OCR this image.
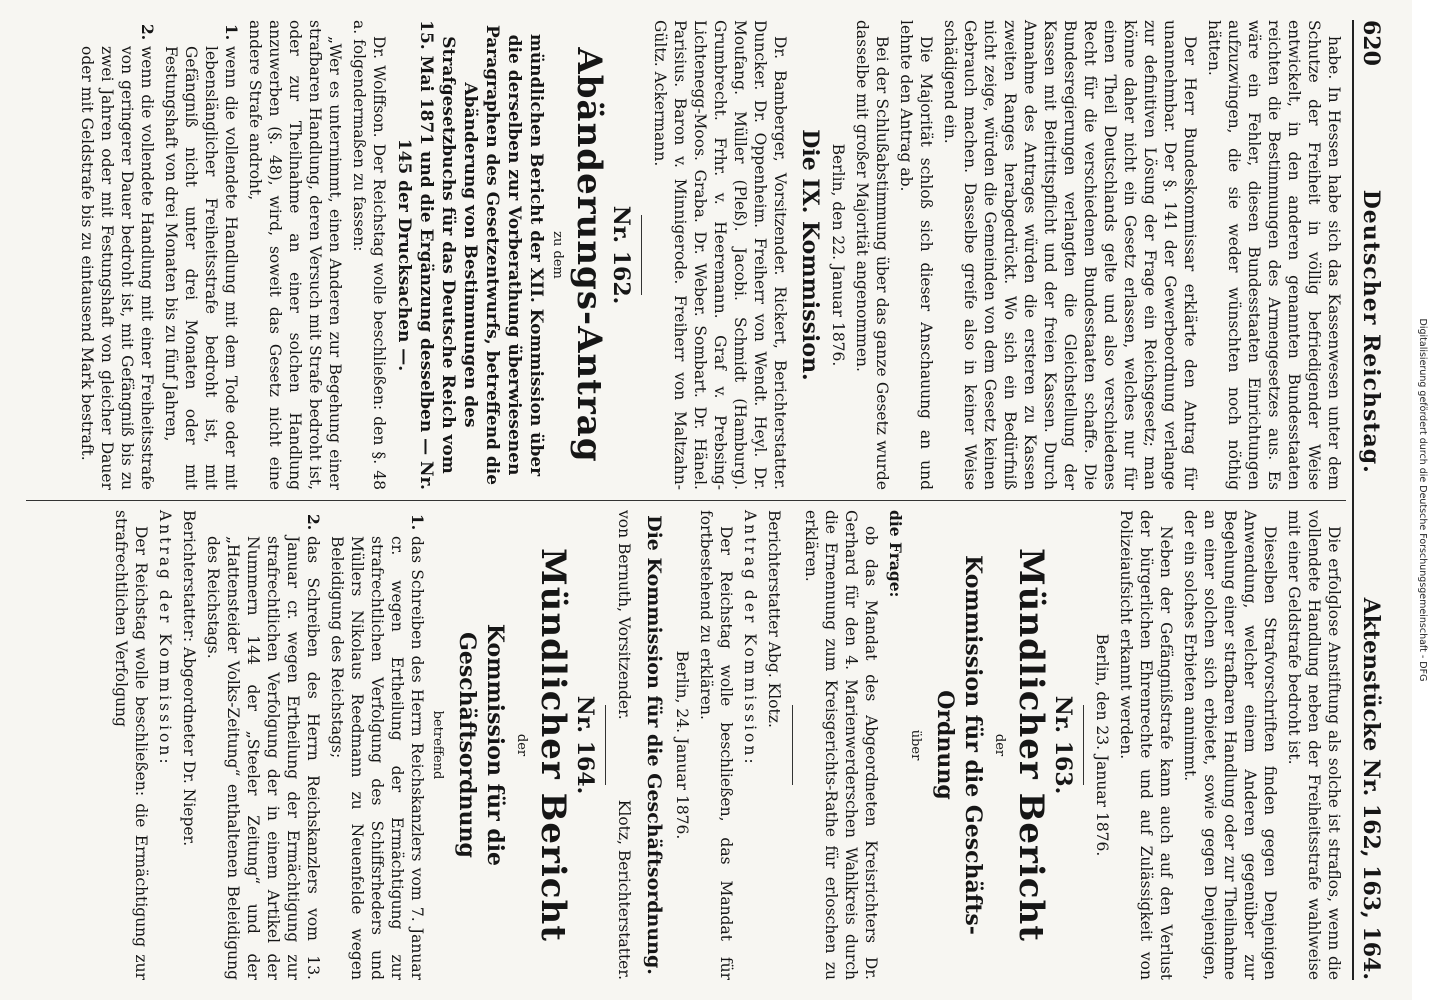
620
Deutscher Reichstag.
Aktenstücke Nr. 162, 163, 164.

habe. In Hessen habe sich das Kassenwesen unter dem Schutze der Freiheit in völlig befriedigender Weise entwickelt, in den anderen genannten Bundesstaaten reichten die Bestimmungen des Armengesetzes aus. Es wäre ein Fehler, diesen Bundesstaaten Einrichtungen aufzuzwingen, die sie weder wünschten noch nöthig hätten.

Der Herr Bundeskommissar erklärte den Antrag für unannehmbar. Der §. 141 der Gewerbeordnung verlange zur definitiven Lösung der Frage ein Reichsgesetz; man könne daher nicht ein Gesetz erlassen, welches nur für einen Theil Deutschlands gelte und also verschiedenes Recht für die verschiedenen Bundesstaaten schaffe. Die Bundesregierungen verlangten die Gleichstellung der Kassen mit Beitrittspflicht und der freien Kassen. Durch Annahme des Antrages würden die ersteren zu Kassen zweiten Ranges herabgedrückt. Wo sich ein Bedürfniß nicht zeige, würden die Gemeinden von dem Gesetz keinen Gebrauch machen. Dasselbe greife also in keiner Weise schädigend ein.

Die Majorität schloß sich dieser Anschauung an und lehnte den Antrag ab.

Bei der Schlußabstimmung über das ganze Gesetz wurde dasselbe mit großer Majorität angenommen.

Berlin, den 22. Januar 1876.

Die IX. Kommission.

Dr. Bamberger, Vorsitzender. Rickert, Berichterstatter. Duncker. Dr. Oppenheim. Freiherr von Wendt. Heyl. Dr. Moufang. Müller (Pleß). Jacobi. Schmidt (Hamburg). Grumbrecht. Frhr. v. Heeremann. Graf v. Prebsing-Lichtenegg-Moos. Graba. Dr. Weber. Sombart. Dr. Hänel. Parisius. Baron v. Minnigerode. Freiherr von Maltzahn-Gültz. Ackermann.

Nr. 162.

Abänderungs-Antrag

zu dem

mündlichen Bericht der XII. Kommission über die derselben zur Vorberathung überwiesenen Paragraphen des Gesetzentwurfs, betreffend die Abänderung von Bestimmungen des Strafgesetzbuchs für das Deutsche Reich vom 15. Mai 1871 und die Ergänzung desselben — Nr. 145 der Drucksachen —.

Dr. Wolffson. Der Reichstag wolle beschließen: den §. 48 a. folgendermaßen zu fassen:

„Wer es unternimmt, einen Anderen zur Begehung einer strafbaren Handlung, deren Versuch mit Strafe bedroht ist, oder zur Theilnahme an einer solchen Handlung anzuwerben (§. 48), wird, soweit das Gesetz nicht eine andere Strafe androht,

1.
wenn die vollendete Handlung mit dem Tode oder mit lebenslänglicher Freiheitsstrafe bedroht ist, mit Gefängniß nicht unter drei Monaten oder mit Festungshaft von drei Monaten bis zu fünf Jahren,

2.
wenn die vollendete Handlung mit einer Freiheitsstrafe von geringerer Dauer bedroht ist, mit Gefängniß bis zu zwei Jahren oder mit Festungshaft von gleicher Dauer oder mit Geldstrafe bis zu eintausend Mark bestraft.

Die erfolglose Anstiftung als solche ist straflos, wenn die vollendete Handlung neben der Freiheitsstrafe wahlweise mit einer Geldstrafe bedroht ist.

Dieselben Strafvorschriften finden gegen Denjenigen Anwendung, welcher einem Anderen gegenüber zur Begehung einer strafbaren Handlung oder zur Theilnahme an einer solchen sich erbietet, sowie gegen Denjenigen, der ein solches Erbieten annimmt.

Neben der Gefängnißstrafe kann auch auf den Verlust der bürgerlichen Ehrenrechte und auf Zulässigkeit von Polizeiaufsicht erkannt werden.

Berlin, den 23. Januar 1876.

Nr. 163.

Mündlicher Bericht

der

Kommission für die Geschäfts-Ordnung

über

die Frage:

ob das Mandat des Abgeordneten Kreisrichters Dr. Gerhard für den 4. Marienwerderschen Wahlkreis durch die Ernennung zum Kreisgerichts-Rathe für erloschen zu erklären.

Berichterstatter Abg. Klotz.

Antrag der Kommission:

Der Reichstag wolle beschließen, das Mandat für fortbestehend zu erklären.

Berlin, 24. Januar 1876.

Die Kommission für die Geschäftsordnung.

von Bernuth, Vorsitzender.
Klotz, Berichterstatter.

Nr. 164.

Mündlicher Bericht

der

Kommission für die Geschäftsordnung

betreffend

1.
das Schreiben des Herrn Reichskanzlers vom 7. Januar cr. wegen Ertheilung der Ermächtigung zur strafrechtlichen Verfolgung des Schiffsrheders und Müllers Nikolaus Reedmann zu Neuenfelde wegen Beleidigung des Reichstags;

2.
das Schreiben des Herrn Reichskanzlers vom 13. Januar cr. wegen Ertheilung der Ermächtigung zur strafrechtlichen Verfolgung der in einem Artikel der Nummern 144 der „Steeler Zeitung“ und der „Hattensteider Volks-Zeitung“ enthaltenen Beleidigung des Reichstags.

Berichterstatter: Abgeordneter Dr. Nieper.

Antrag der Kommission:

Der Reichstag wolle beschließen: die Ermächtigung zur strafrechtlichen Verfolgung	Digitalisierung gefördert durch die Deutsche Forschungsgemeinschaft - DFG
